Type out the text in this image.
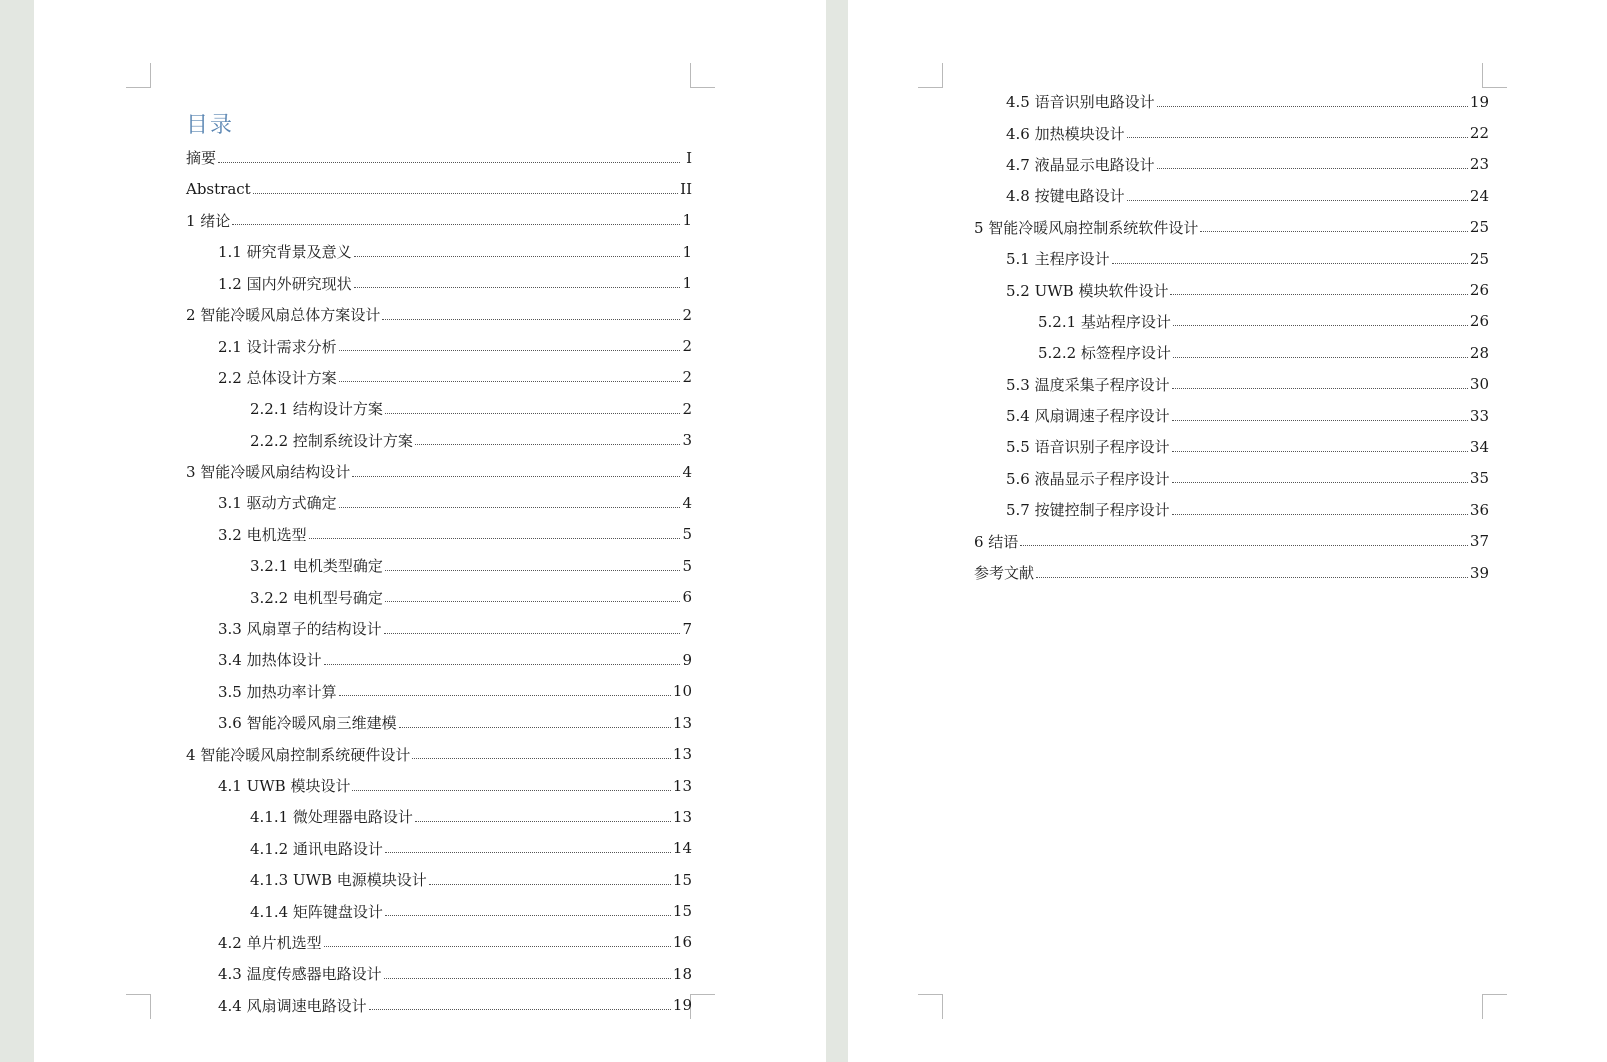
目录
摘要	I
Abstract	II
1 绪论	1
1.1 研究背景及意义	1
1.2 国内外研究现状	1
2 智能冷暖风扇总体方案设计	2
2.1 设计需求分析	2
2.2 总体设计方案	2
2.2.1 结构设计方案	2
2.2.2 控制系统设计方案	3
3 智能冷暖风扇结构设计	4
3.1 驱动方式确定	4
3.2 电机选型	5
3.2.1 电机类型确定	5
3.2.2 电机型号确定	6
3.3 风扇罩子的结构设计	7
3.4 加热体设计	9
3.5 加热功率计算	10
3.6 智能冷暖风扇三维建模	13
4 智能冷暖风扇控制系统硬件设计	13
4.1 UWB 模块设计	13
4.1.1 微处理器电路设计	13
4.1.2 通讯电路设计	14
4.1.3 UWB 电源模块设计	15
4.1.4 矩阵键盘设计	15
4.2 单片机选型	16
4.3 温度传感器电路设计	18
4.4 风扇调速电路设计	19
4.5 语音识别电路设计	19
4.6 加热模块设计	22
4.7 液晶显示电路设计	23
4.8 按键电路设计	24
5 智能冷暖风扇控制系统软件设计	25
5.1 主程序设计	25
5.2 UWB 模块软件设计	26
5.2.1 基站程序设计	26
5.2.2 标签程序设计	28
5.3 温度采集子程序设计	30
5.4 风扇调速子程序设计	33
5.5 语音识别子程序设计	34
5.6 液晶显示子程序设计	35
5.7 按键控制子程序设计	36
6 结语	37
参考文献	39
